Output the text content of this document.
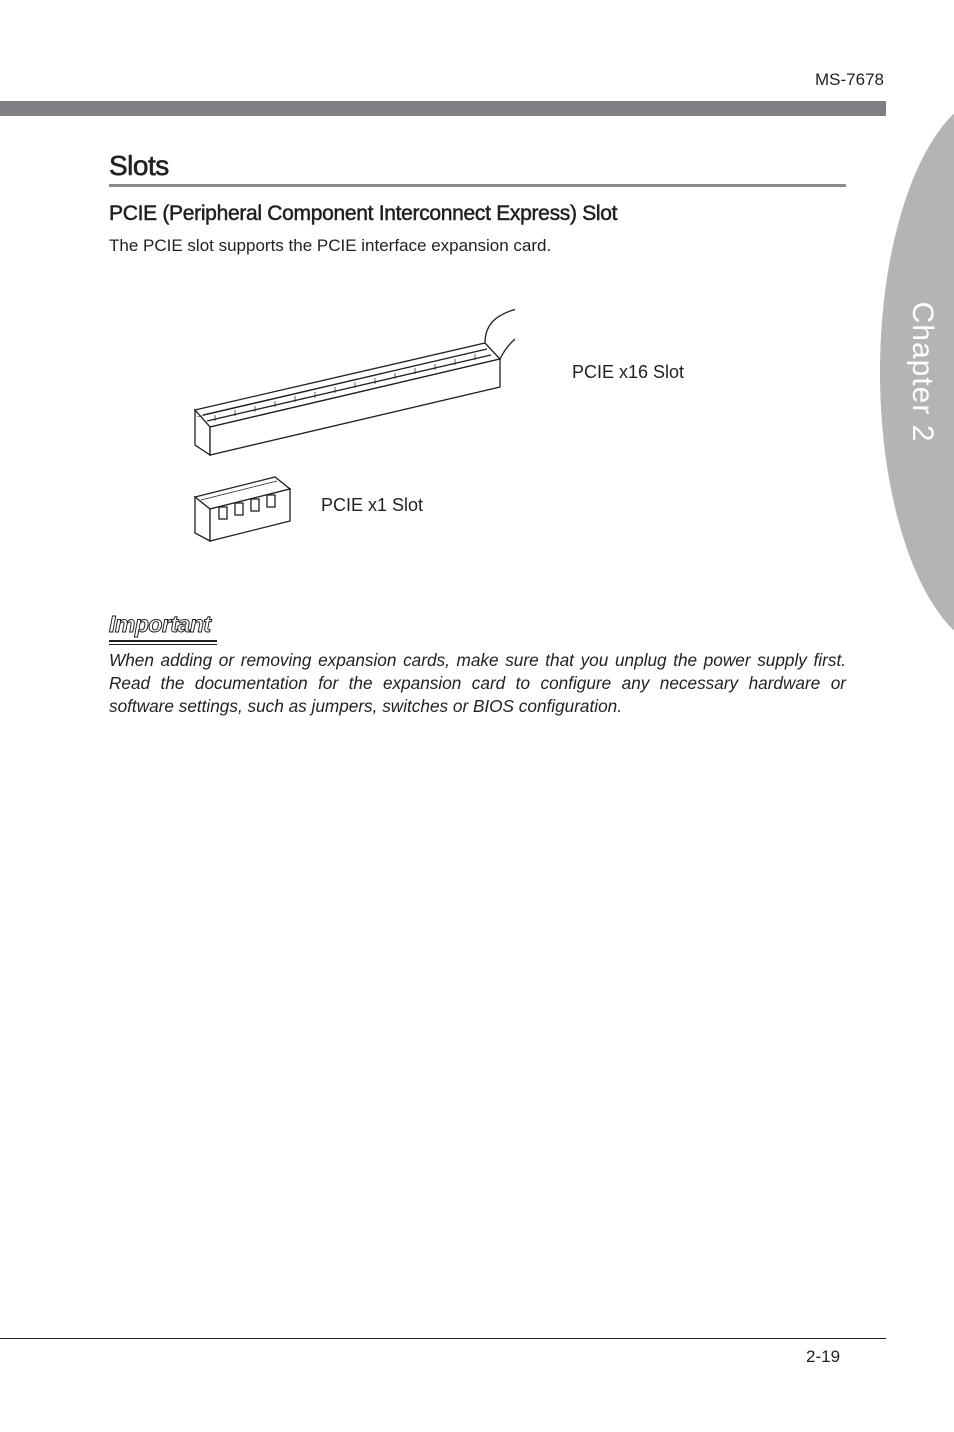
MS-7678
Chapter 2
Slots
PCIE (Peripheral Component Interconnect Express) Slot

The PCIE slot supports the PCIE interface expansion card.

PCIE x16 Slot
PCIE x1 Slot
Important

When adding or removing expansion cards, make sure that you unplug the power supply first. Read the documentation for the expansion card to configure any necessary hardware or software settings, such as jumpers, switches or BIOS configuration.

2-19
